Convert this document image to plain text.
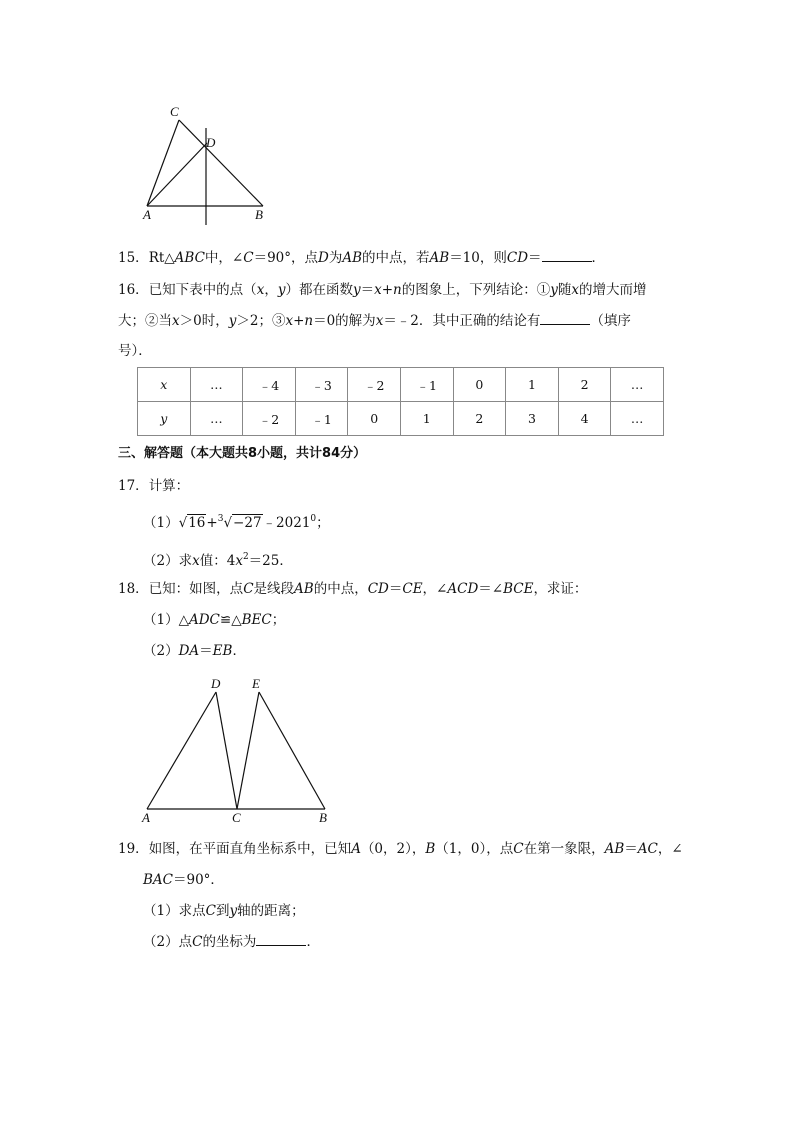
C
D
A	B
15．Rt△ABC中，∠C＝90°，点D为AB的中点，若AB＝10，则CD＝	．
16．已知下表中的点（x，y）都在函数y＝x+n的图象上，下列结论：①y随x的增大而增
大；②当x＞0时，y＞2；③x+n＝0的解为x＝﹣2．其中正确的结论有	（填序
号）．
x	…	﹣4	﹣3	﹣2	﹣1	0	1	2	…
y	…	﹣2	﹣1	0	1	2	3	4	…
三、解答题（本大题共8小题，共计84分）
17．计算：
$(1)√16+^3√-27﹣2021^0$；
（2）求x值：$4x^2=25$．
18．已知：如图，点C是线段AB的中点，CD＝CE，∠ACD＝∠BCE，求证：
（1）△ADC≌△BEC；
（2）DA＝EB．
D E
A	C	B
19．如图，在平面直角坐标系中，已知A（0，2），B（1，0），点C在第一象限，AB＝AC，∠
BAC＝90°．
（1）求点C到y轴的距离；
（2）点C的坐标为	．
